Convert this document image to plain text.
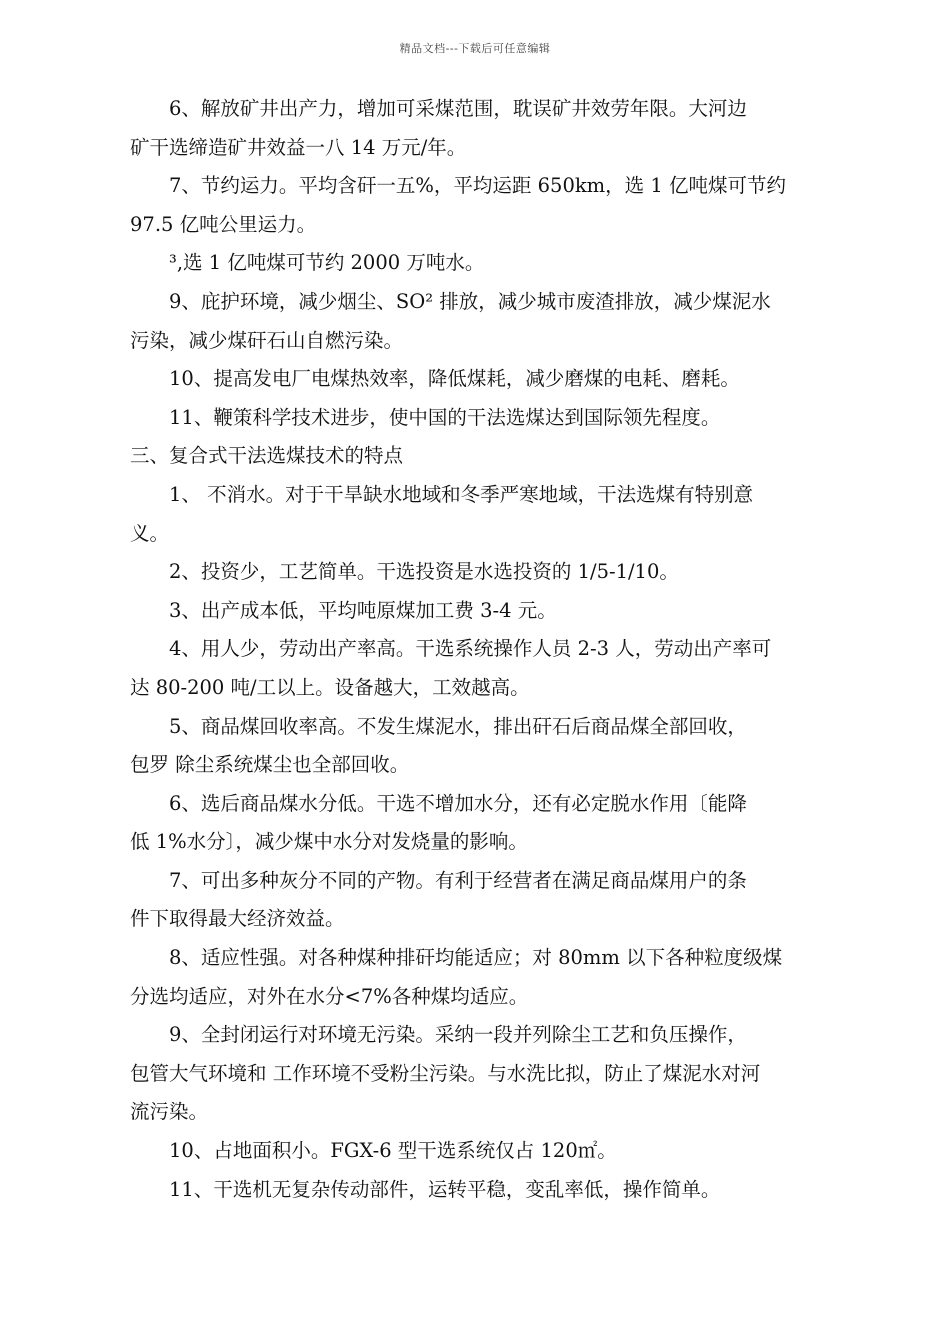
精品文档---下载后可任意编辑

6、解放矿井出产力，增加可采煤范围，耽误矿井效劳年限。大河边
矿干选缔造矿井效益一八 14 万元/年。

7、节约运力。平均含矸一五%，平均运距 650km，选 1 亿吨煤可节约
97.5 亿吨公里运力。

³,选 1 亿吨煤可节约 2000 万吨水。

9、庇护环境，减少烟尘、SO² 排放，减少城市废渣排放，减少煤泥水
污染，减少煤矸石山自燃污染。

10、提高发电厂电煤热效率，降低煤耗，减少磨煤的电耗、磨耗。

11、鞭策科学技术进步，使中国的干法选煤达到国际领先程度。

三、复合式干法选煤技术的特点

1、 不消水。对于干旱缺水地域和冬季严寒地域，干法选煤有特别意
义。

2、投资少，工艺简单。干选投资是水选投资的 1/5-1/10。

3、出产成本低，平均吨原煤加工费 3-4 元。

4、用人少，劳动出产率高。干选系统操作人员 2-3 人，劳动出产率可
达 80-200 吨/工以上。设备越大，工效越高。

5、商品煤回收率高。不发生煤泥水，排出矸石后商品煤全部回收，
包罗 除尘系统煤尘也全部回收。

6、选后商品煤水分低。干选不增加水分，还有必定脱水作用〔能降
低 1%水分〕，减少煤中水分对发烧量的影响。

7、可出多种灰分不同的产物。有利于经营者在满足商品煤用户的条
件下取得最大经济效益。

8、适应性强。对各种煤种排矸均能适应；对 80mm 以下各种粒度级煤
分选均适应，对外在水分<7%各种煤均适应。

9、全封闭运行对环境无污染。采纳一段并列除尘工艺和负压操作，
包管大气环境和 工作环境不受粉尘污染。与水洗比拟，防止了煤泥水对河
流污染。

10、占地面积小。FGX-6 型干选系统仅占 120㎡。

11、干选机无复杂传动部件，运转平稳，变乱率低，操作简单。
